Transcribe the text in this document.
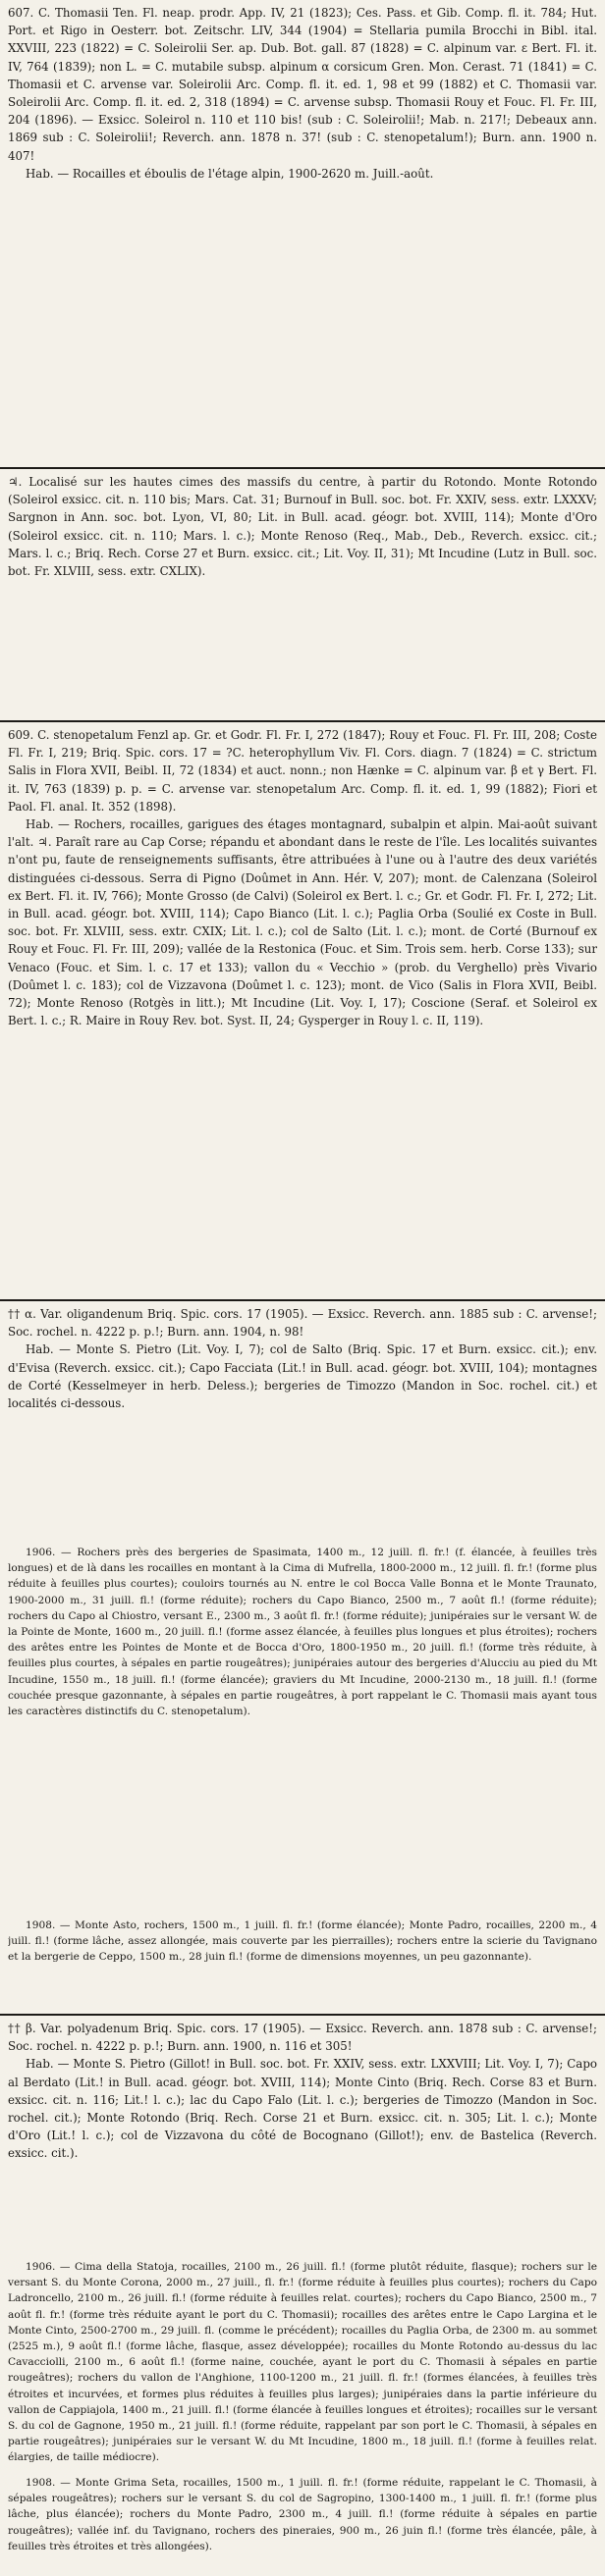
607. C. Thomasii Ten. Fl. neap. prodr. App. IV, 21 (1823); Ces. Pass. et Gib. Comp. fl. it. 784; Hut. Port. et Rigo in Oesterr. bot. Zeitschr. LIV, 344 (1904) = Stellaria pumila Brocchi in Bibl. ital. XXVIII, 223 (1822) = C. Soleirolii Ser. ap. Dub. Bot. gall. 87 (1828) = C. alpinum var. ε Bert. Fl. it. IV, 764 (1839); non L. = C. mutabile subsp. alpinum α corsicum Gren. Mon. Cerast. 71 (1841) = C. Thomasii et C. arvense var. Soleirolii Arc. Comp. fl. it. ed. 1, 98 et 99 (1882) et C. Thomasii var. Soleirolii Arc. Comp. fl. it. ed. 2, 318 (1894) = C. arvense subsp. Thomasii Rouy et Fouc. Fl. Fr. III, 204 (1896). — Exsicc. Soleirol n. 110 et 110 bis! (sub : C. Soleirolii!; Mab. n. 217!; Debeaux ann. 1869 sub : C. Soleirolii!; Reverch. ann. 1878 n. 37! (sub : C. stenopetalum!); Burn. ann. 1900 n. 407!

Hab. — Rocailles et éboulis de l'étage alpin, 1900-2620 m. Juill.-août.

♃. Localisé sur les hautes cimes des massifs du centre, à partir du Rotondo. Monte Rotondo (Soleirol exsicc. cit. n. 110 bis; Mars. Cat. 31; Burnouf in Bull. soc. bot. Fr. XXIV, sess. extr. LXXXV; Sargnon in Ann. soc. bot. Lyon, VI, 80; Lit. in Bull. acad. géogr. bot. XVIII, 114); Monte d'Oro (Soleirol exsicc. cit. n. 110; Mars. l. c.); Monte Renoso (Req., Mab., Deb., Reverch. exsicc. cit.; Mars. l. c.; Briq. Rech. Corse 27 et Burn. exsicc. cit.; Lit. Voy. II, 31); Mt Incudine (Lutz in Bull. soc. bot. Fr. XLVIII, sess. extr. CXLIX).

609. C. stenopetalum Fenzl ap. Gr. et Godr. Fl. Fr. I, 272 (1847); Rouy et Fouc. Fl. Fr. III, 208; Coste Fl. Fr. I, 219; Briq. Spic. cors. 17 = ?C. heterophyllum Viv. Fl. Cors. diagn. 7 (1824) = C. strictum Salis in Flora XVII, Beibl. II, 72 (1834) et auct. nonn.; non Hænke = C. alpinum var. β et γ Bert. Fl. it. IV, 763 (1839) p. p. = C. arvense var. stenopetalum Arc. Comp. fl. it. ed. 1, 99 (1882); Fiori et Paol. Fl. anal. It. 352 (1898).

Hab. — Rochers, rocailles, garigues des étages montagnard, subalpin et alpin. Mai-août suivant l'alt. ♃. Paraît rare au Cap Corse; répandu et abondant dans le reste de l'île. Les localités suivantes n'ont pu, faute de renseignements suffisants, être attribuées à l'une ou à l'autre des deux variétés distinguées ci-dessous. Serra di Pigno (Doûmet in Ann. Hér. V, 207); mont. de Calenzana (Soleirol ex Bert. Fl. it. IV, 766); Monte Grosso (de Calvi) (Soleirol ex Bert. l. c.; Gr. et Godr. Fl. Fr. I, 272; Lit. in Bull. acad. géogr. bot. XVIII, 114); Capo Bianco (Lit. l. c.); Paglia Orba (Soulié ex Coste in Bull. soc. bot. Fr. XLVIII, sess. extr. CXIX; Lit. l. c.); col de Salto (Lit. l. c.); mont. de Corté (Burnouf ex Rouy et Fouc. Fl. Fr. III, 209); vallée de la Restonica (Fouc. et Sim. Trois sem. herb. Corse 133); sur Venaco (Fouc. et Sim. l. c. 17 et 133); vallon du « Vecchio » (prob. du Verghello) près Vivario (Doûmet l. c. 183); col de Vizzavona (Doûmet l. c. 123); mont. de Vico (Salis in Flora XVII, Beibl. 72); Monte Renoso (Rotgès in litt.); Mt Incudine (Lit. Voy. I, 17); Coscione (Seraf. et Soleirol ex Bert. l. c.; R. Maire in Rouy Rev. bot. Syst. II, 24; Gysperger in Rouy l. c. II, 119).

†† α. Var. oligandenum Briq. Spic. cors. 17 (1905). — Exsicc. Reverch. ann. 1885 sub : C. arvense!; Soc. rochel. n. 4222 p. p.!; Burn. ann. 1904, n. 98!

Hab. — Monte S. Pietro (Lit. Voy. I, 7); col de Salto (Briq. Spic. 17 et Burn. exsicc. cit.); env. d'Evisa (Reverch. exsicc. cit.); Capo Facciata (Lit.! in Bull. acad. géogr. bot. XVIII, 104); montagnes de Corté (Kesselmeyer in herb. Deless.); bergeries de Timozzo (Mandon in Soc. rochel. cit.) et localités ci-dessous.

1906. — Rochers près des bergeries de Spasimata, 1400 m., 12 juill. fl. fr.! (f. élancée, à feuilles très longues) et de là dans les rocailles en montant à la Cima di Mufrella, 1800-2000 m., 12 juill. fl. fr.! (forme plus réduite à feuilles plus courtes); couloirs tournés au N. entre le col Bocca Valle Bonna et le Monte Traunato, 1900-2000 m., 31 juill. fl.! (forme réduite); rochers du Capo Bianco, 2500 m., 7 août fl.! (forme réduite); rochers du Capo al Chiostro, versant E., 2300 m., 3 août fl. fr.! (forme réduite); junipéraies sur le versant W. de la Pointe de Monte, 1600 m., 20 juill. fl.! (forme assez élancée, à feuilles plus longues et plus étroites); rochers des arêtes entre les Pointes de Monte et de Bocca d'Oro, 1800-1950 m., 20 juill. fl.! (forme très réduite, à feuilles plus courtes, à sépales en partie rougeâtres); junipéraies autour des bergeries d'Alucciu au pied du Mt Incudine, 1550 m., 18 juill. fl.! (forme élancée); graviers du Mt Incudine, 2000-2130 m., 18 juill. fl.! (forme couchée presque gazonnante, à sépales en partie rougeâtres, à port rappelant le C. Thomasii mais ayant tous les caractères distinctifs du C. stenopetalum).

1908. — Monte Asto, rochers, 1500 m., 1 juill. fl. fr.! (forme élancée); Monte Padro, rocailles, 2200 m., 4 juill. fl.! (forme lâche, assez allongée, mais couverte par les pierrailles); rochers entre la scierie du Tavignano et la bergerie de Ceppo, 1500 m., 28 juin fl.! (forme de dimensions moyennes, un peu gazonnante).

†† β. Var. polyadenum Briq. Spic. cors. 17 (1905). — Exsicc. Reverch. ann. 1878 sub : C. arvense!; Soc. rochel. n. 4222 p. p.!; Burn. ann. 1900, n. 116 et 305!

Hab. — Monte S. Pietro (Gillot! in Bull. soc. bot. Fr. XXIV, sess. extr. LXXVIII; Lit. Voy. I, 7); Capo al Berdato (Lit.! in Bull. acad. géogr. bot. XVIII, 114); Monte Cinto (Briq. Rech. Corse 83 et Burn. exsicc. cit. n. 116; Lit.! l. c.); lac du Capo Falo (Lit. l. c.); bergeries de Timozzo (Mandon in Soc. rochel. cit.); Monte Rotondo (Briq. Rech. Corse 21 et Burn. exsicc. cit. n. 305; Lit. l. c.); Monte d'Oro (Lit.! l. c.); col de Vizzavona du côté de Bocognano (Gillot!); env. de Bastelica (Reverch. exsicc. cit.).

1906. — Cima della Statoja, rocailles, 2100 m., 26 juill. fl.! (forme plutôt réduite, flasque); rochers sur le versant S. du Monte Corona, 2000 m., 27 juill., fl. fr.! (forme réduite à feuilles plus courtes); rochers du Capo Ladroncello, 2100 m., 26 juill. fl.! (forme réduite à feuilles relat. courtes); rochers du Capo Bianco, 2500 m., 7 août fl. fr.! (forme très réduite ayant le port du C. Thomasii); rocailles des arêtes entre le Capo Largina et le Monte Cinto, 2500-2700 m., 29 juill. fl. (comme le précédent); rocailles du Paglia Orba, de 2300 m. au sommet (2525 m.), 9 août fl.! (forme lâche, flasque, assez développée); rocailles du Monte Rotondo au-dessus du lac Cavacciolli, 2100 m., 6 août fl.! (forme naine, couchée, ayant le port du C. Thomasii à sépales en partie rougeâtres); rochers du vallon de l'Anghione, 1100-1200 m., 21 juill. fl. fr.! (formes élancées, à feuilles très étroites et incurvées, et formes plus réduites à feuilles plus larges); junipéraies dans la partie inférieure du vallon de Cappiajola, 1400 m., 21 juill. fl.! (forme élancée à feuilles longues et étroites); rocailles sur le versant S. du col de Gagnone, 1950 m., 21 juill. fl.! (forme réduite, rappelant par son port le C. Thomasii, à sépales en partie rougeâtres); junipéraies sur le versant W. du Mt Incudine, 1800 m., 18 juill. fl.! (forme à feuilles relat. élargies, de taille médiocre).

1908. — Monte Grima Seta, rocailles, 1500 m., 1 juill. fl. fr.! (forme réduite, rappelant le C. Thomasii, à sépales rougeâtres); rochers sur le versant S. du col de Sagropino, 1300-1400 m., 1 juill. fl. fr.! (forme plus lâche, plus élancée); rochers du Monte Padro, 2300 m., 4 juill. fl.! (forme réduite à sépales en partie rougeâtres); vallée inf. du Tavignano, rochers des pineraies, 900 m., 26 juin fl.! (forme très élancée, pâle, à feuilles très étroites et très allongées).
